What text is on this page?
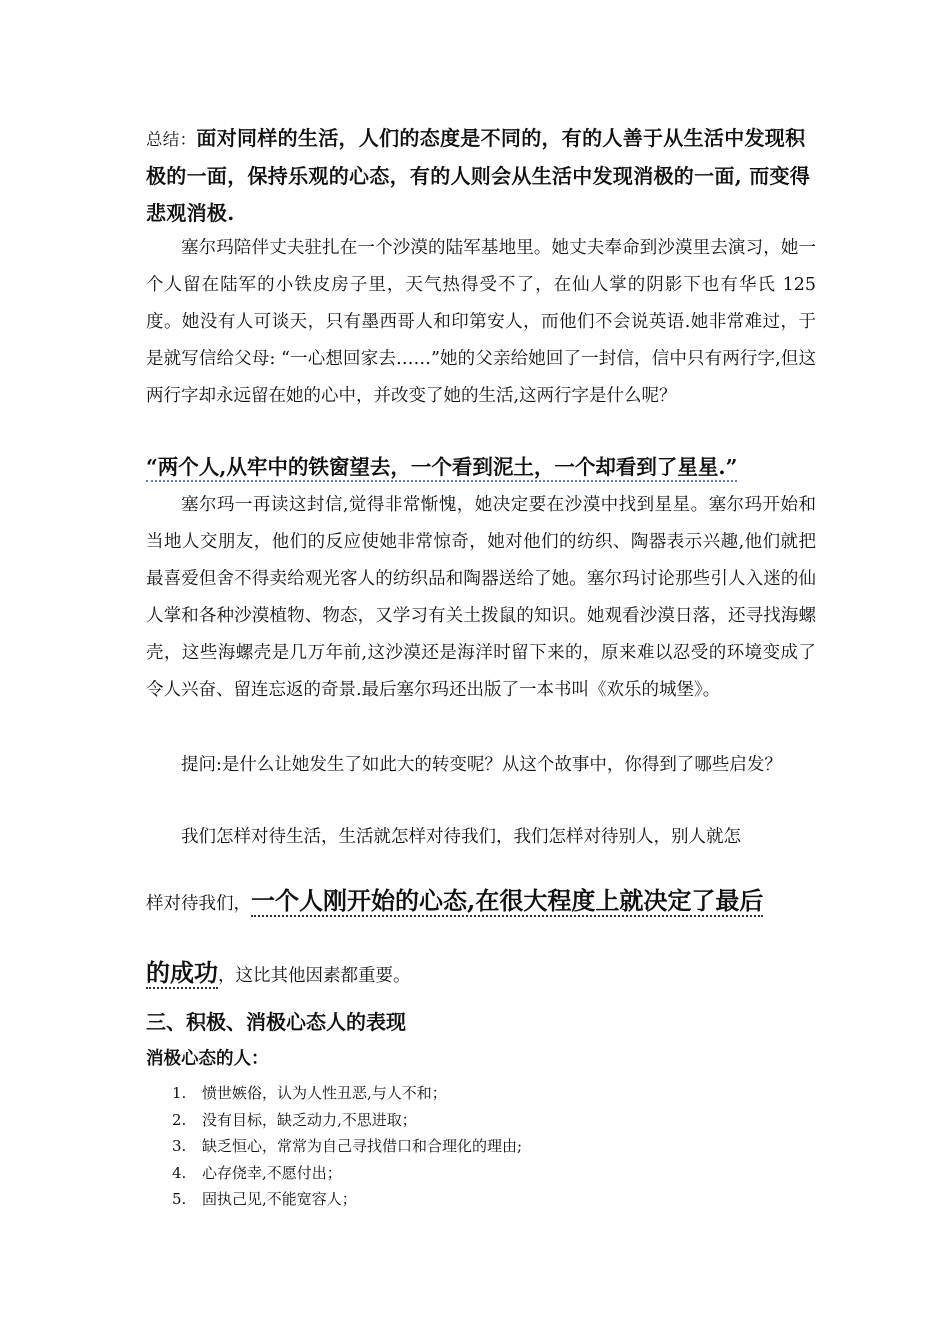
总结：面对同样的生活，人们的态度是不同的，有的人善于从生活中发现积极的一面，保持乐观的心态，有的人则会从生活中发现消极的一面, 而变得悲观消极.

塞尔玛陪伴丈夫驻扎在一个沙漠的陆军基地里。她丈夫奉命到沙漠里去演习，她一个人留在陆军的小铁皮房子里，天气热得受不了，在仙人掌的阴影下也有华氏 125 度。她没有人可谈天，只有墨西哥人和印第安人，而他们不会说英语.她非常难过，于是就写信给父母: “一心想回家去……”她的父亲给她回了一封信，信中只有两行字,但这两行字却永远留在她的心中，并改变了她的生活,这两行字是什么呢？

“两个人,从牢中的铁窗望去，一个看到泥土，一个却看到了星星.”

塞尔玛一再读这封信,觉得非常惭愧，她决定要在沙漠中找到星星。塞尔玛开始和当地人交朋友，他们的反应使她非常惊奇，她对他们的纺织、陶器表示兴趣,他们就把最喜爱但舍不得卖给观光客人的纺织品和陶器送给了她。塞尔玛讨论那些引人入迷的仙人掌和各种沙漠植物、物态，又学习有关土拨鼠的知识。她观看沙漠日落，还寻找海螺壳，这些海螺壳是几万年前,这沙漠还是海洋时留下来的，原来难以忍受的环境变成了令人兴奋、留连忘返的奇景.最后塞尔玛还出版了一本书叫《欢乐的城堡》。

提问:是什么让她发生了如此大的转变呢？从这个故事中，你得到了哪些启发？

我们怎样对待生活，生活就怎样对待我们，我们怎样对待别人，别人就怎

样对待我们，一个人刚开始的心态,在很大程度上就决定了最后

的成功，这比其他因素都重要。

三、积极、消极心态人的表现
消极心态的人：
1. 愤世嫉俗，认为人性丑恶,与人不和；
2. 没有目标，缺乏动力,不思进取；
3. 缺乏恒心，常常为自己寻找借口和合理化的理由;
4. 心存侥幸,不愿付出；
5. 固执己见,不能宽容人；
